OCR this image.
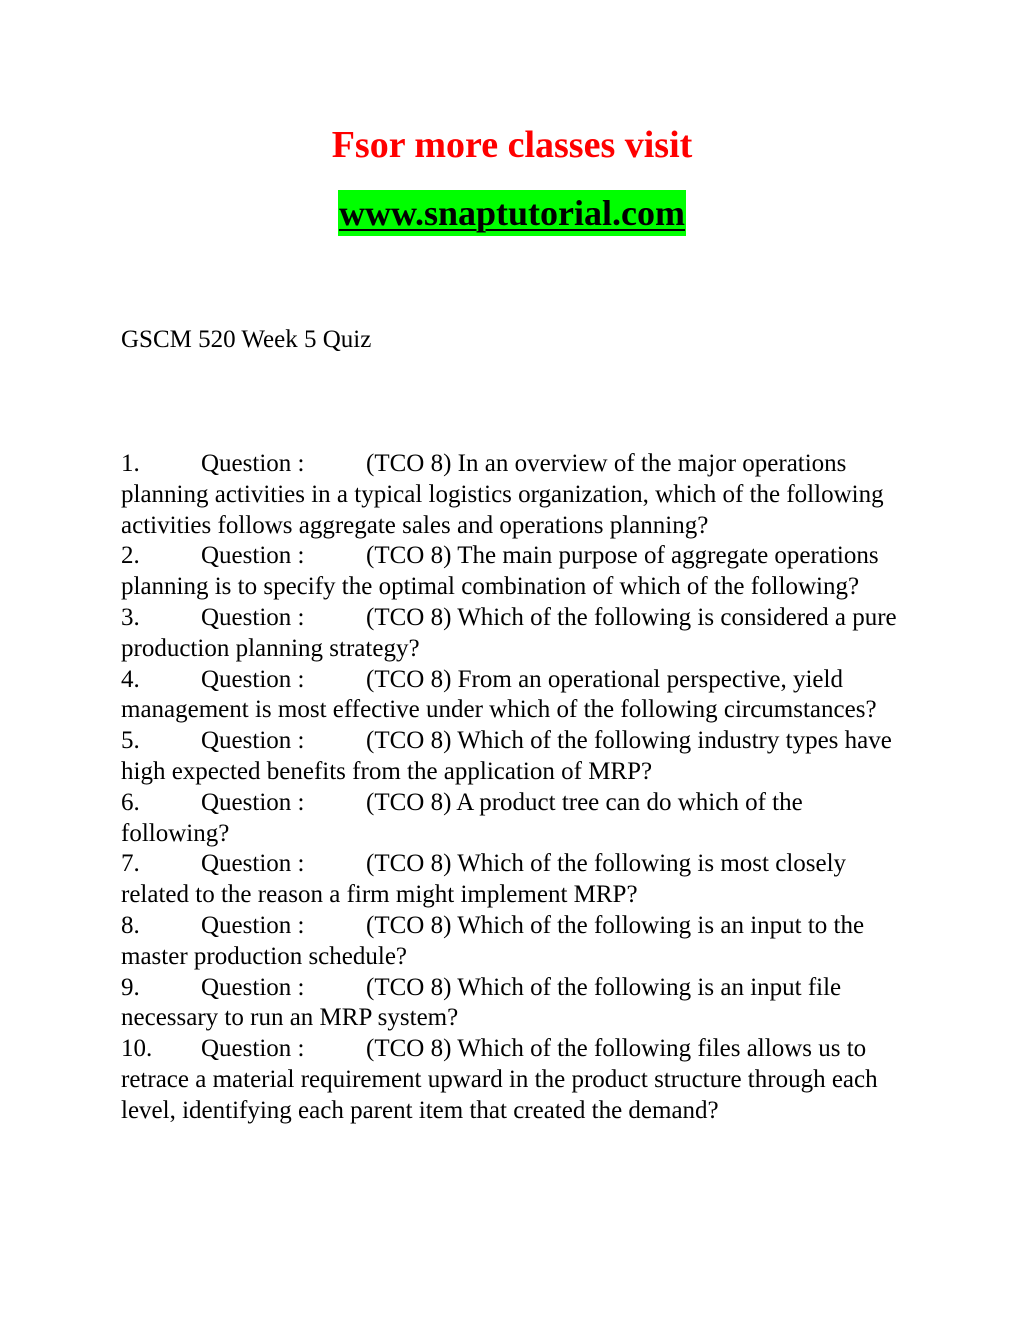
Fsor more classes visit
www.snaptutorial.com
GSCM 520 Week 5 Quiz

1. Question : (TCO 8) In an overview of the major operations planning activities in a typical logistics organization, which of the following activities follows aggregate sales and operations planning?

2. Question : (TCO 8) The main purpose of aggregate operations planning is to specify the optimal combination of which of the following?

3. Question : (TCO 8) Which of the following is considered a pure production planning strategy?

4. Question : (TCO 8) From an operational perspective, yield management is most effective under which of the following circumstances?

5. Question : (TCO 8) Which of the following industry types have high expected benefits from the application of MRP?

6. Question : (TCO 8) A product tree can do which of the following?

7. Question : (TCO 8) Which of the following is most closely related to the reason a firm might implement MRP?

8. Question : (TCO 8) Which of the following is an input to the master production schedule?

9. Question : (TCO 8) Which of the following is an input file necessary to run an MRP system?

10. Question : (TCO 8) Which of the following files allows us to retrace a material requirement upward in the product structure through each level, identifying each parent item that created the demand?
